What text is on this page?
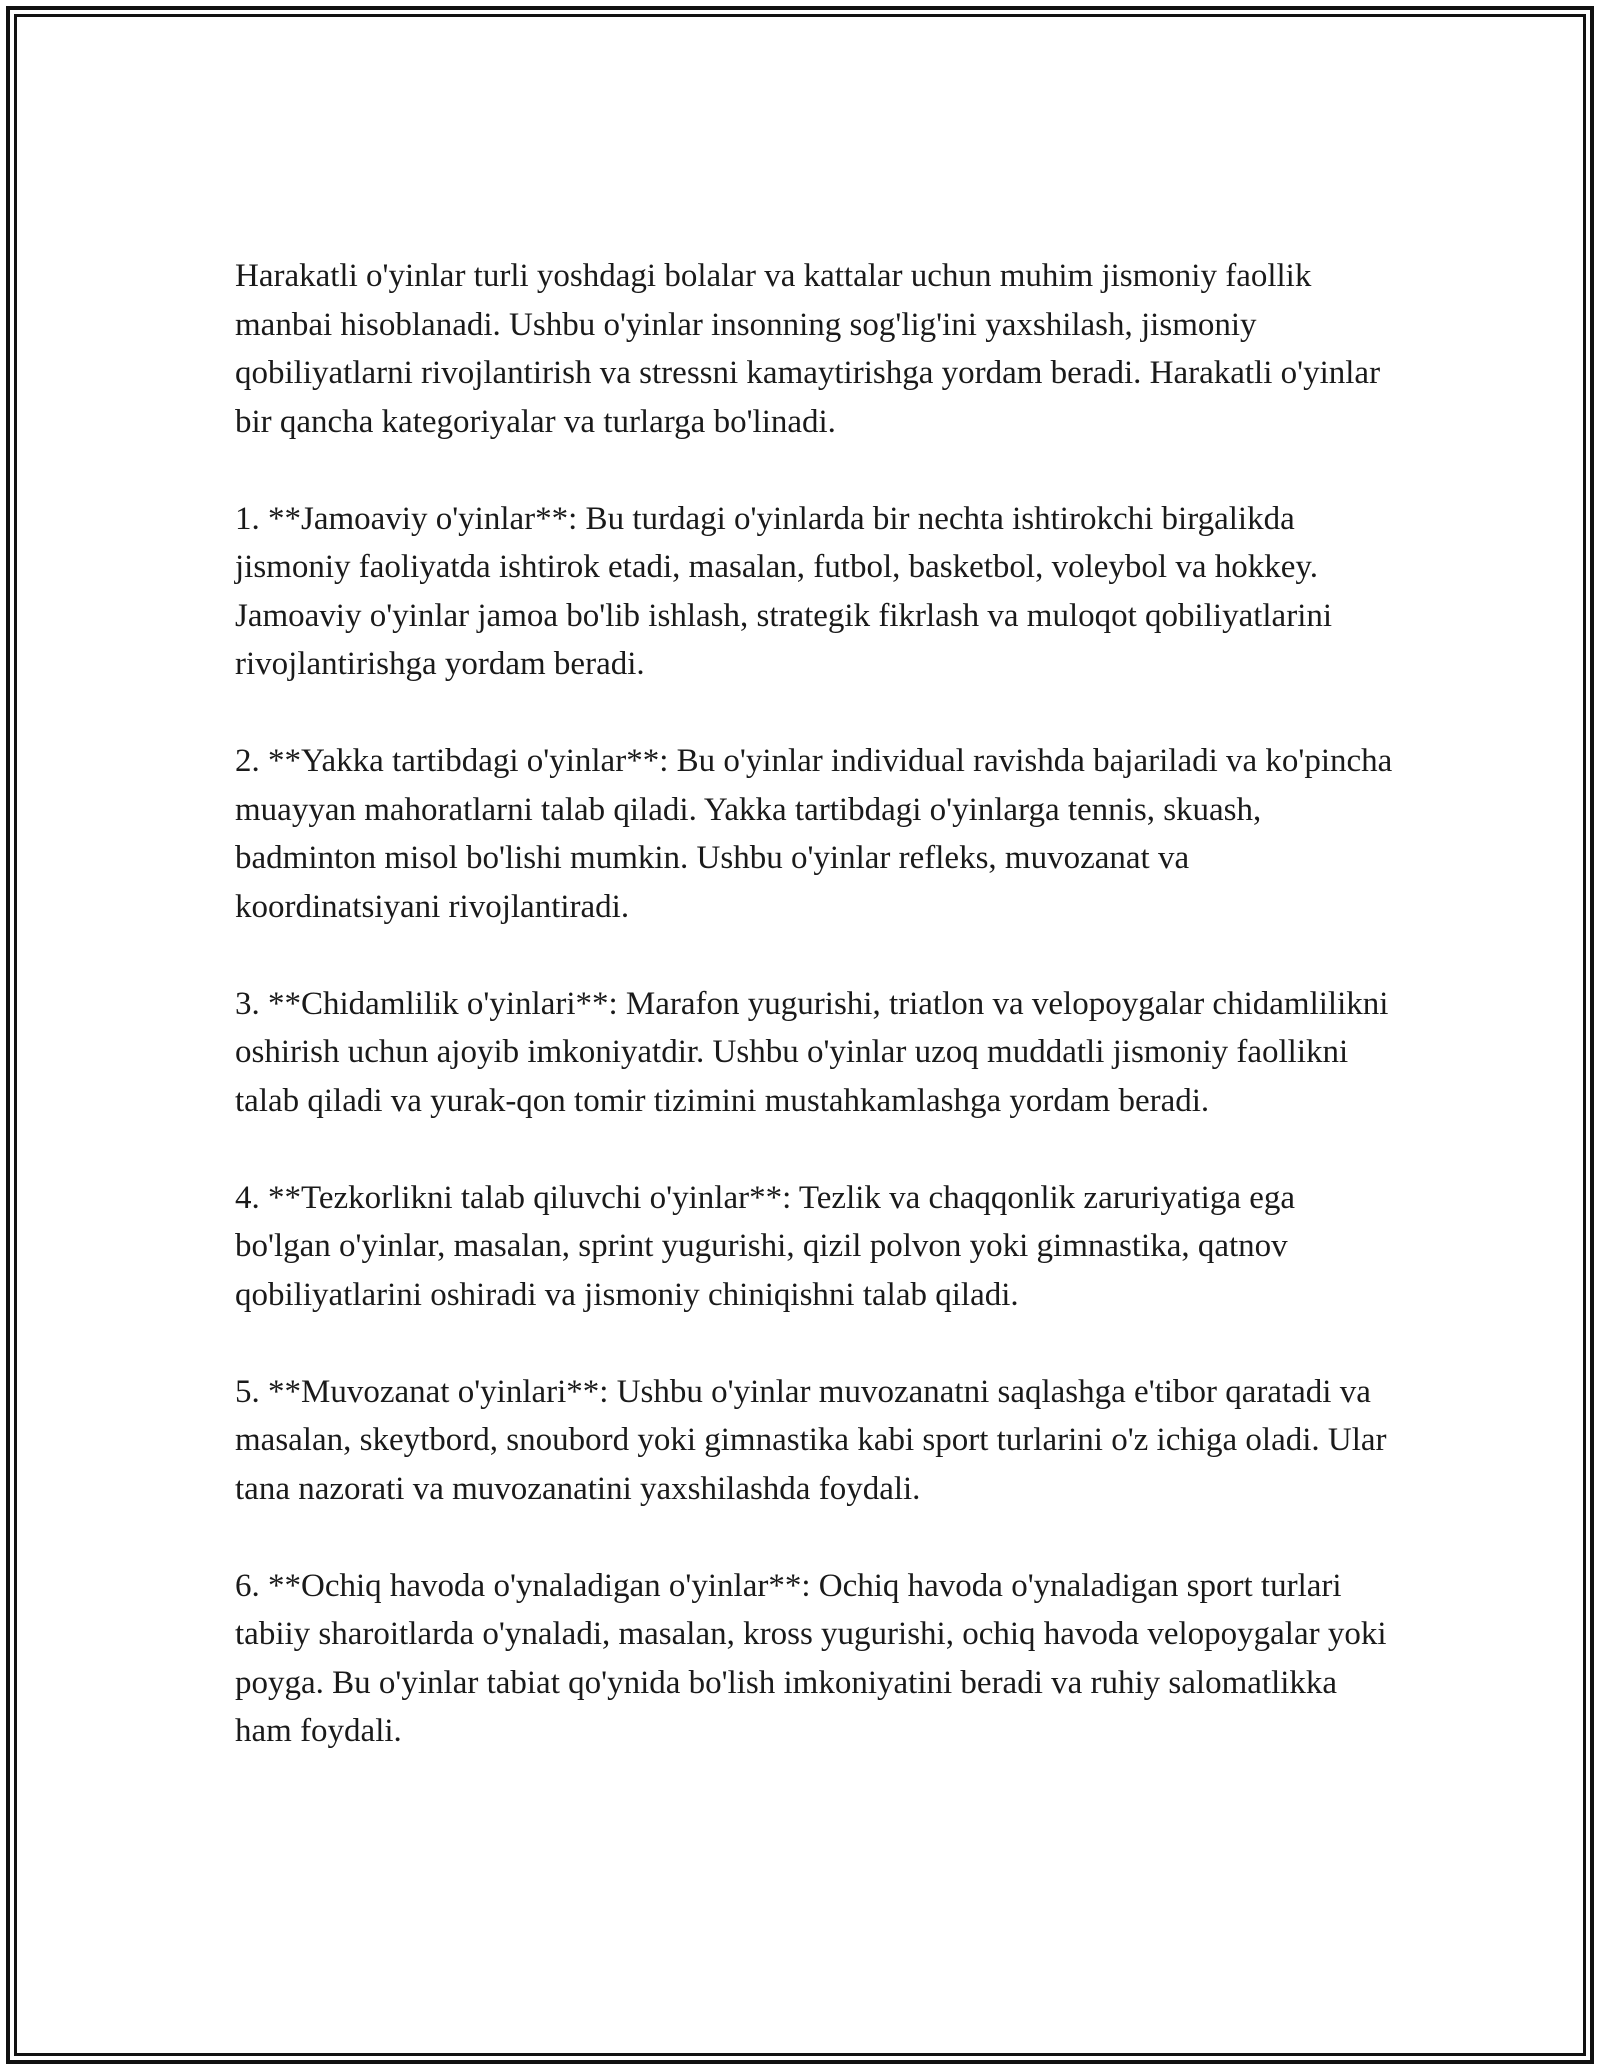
Harakatli o'yinlar turli yoshdagi bolalar va kattalar uchun muhim jismoniy faollik manbai hisoblanadi. Ushbu o'yinlar insonning sog'lig'ini yaxshilash, jismoniy qobiliyatlarni rivojlantirish va stressni kamaytirishga yordam beradi. Harakatli o'yinlar bir qancha kategoriyalar va turlarga bo'linadi.

1. **Jamoaviy o'yinlar**: Bu turdagi o'yinlarda bir nechta ishtirokchi birgalikda jismoniy faoliyatda ishtirok etadi, masalan, futbol, basketbol, voleybol va hokkey. Jamoaviy o'yinlar jamoa bo'lib ishlash, strategik fikrlash va muloqot qobiliyatlarini rivojlantirishga yordam beradi.

2. **Yakka tartibdagi o'yinlar**: Bu o'yinlar individual ravishda bajariladi va ko'pincha muayyan mahoratlarni talab qiladi. Yakka tartibdagi o'yinlarga tennis, skuash, badminton misol bo'lishi mumkin. Ushbu o'yinlar refleks, muvozanat va koordinatsiyani rivojlantiradi.

3. **Chidamlilik o'yinlari**: Marafon yugurishi, triatlon va velopoygalar chidamlilikni oshirish uchun ajoyib imkoniyatdir. Ushbu o'yinlar uzoq muddatli jismoniy faollikni talab qiladi va yurak-qon tomir tizimini mustahkamlashga yordam beradi.

4. **Tezkorlikni talab qiluvchi o'yinlar**: Tezlik va chaqqonlik zaruriyatiga ega bo'lgan o'yinlar, masalan, sprint yugurishi, qizil polvon yoki gimnastika, qatnov qobiliyatlarini oshiradi va jismoniy chiniqishni talab qiladi.

5. **Muvozanat o'yinlari**: Ushbu o'yinlar muvozanatni saqlashga e'tibor qaratadi va masalan, skeytbord, snoubord yoki gimnastika kabi sport turlarini o'z ichiga oladi. Ular tana nazorati va muvozanatini yaxshilashda foydali.

6. **Ochiq havoda o'ynaladigan o'yinlar**: Ochiq havoda o'ynaladigan sport turlari tabiiy sharoitlarda o'ynaladi, masalan, kross yugurishi, ochiq havoda velopoygalar yoki poyga. Bu o'yinlar tabiat qo'ynida bo'lish imkoniyatini beradi va ruhiy salomatlikka ham foydali.
